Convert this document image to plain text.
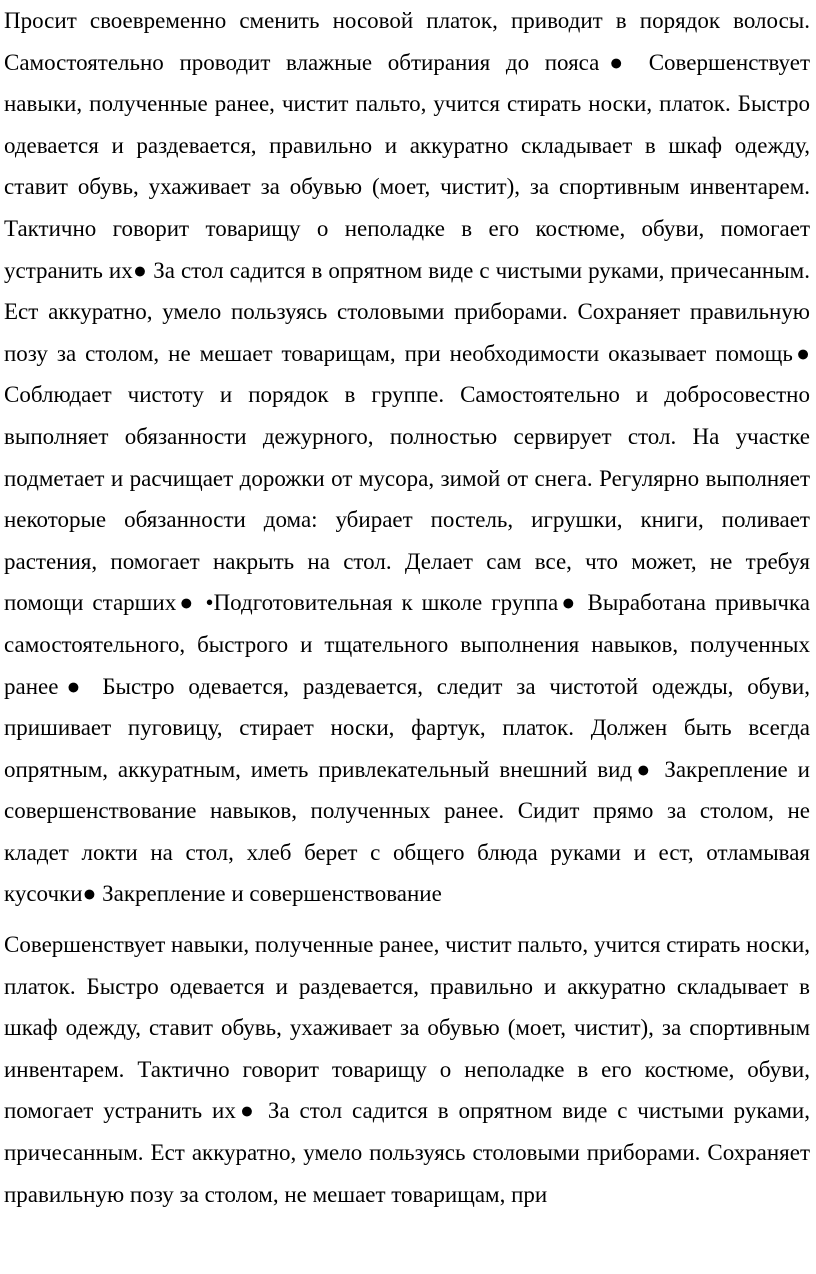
Просит своевременно сменить носовой платок, приводит в порядок волосы. Самостоятельно проводит влажные обтирания до пояса● Совершенствует навыки, полученные ранее, чистит пальто, учится стирать носки, платок. Быстро одевается и раздевается, правильно и аккуратно складывает в шкаф одежду, ставит обувь, ухаживает за обувью (моет, чистит), за спортивным инвентарем. Тактично говорит товарищу о неполадке в его костюме, обуви, помогает устранить их● За стол садится в опрятном виде с чистыми руками, причесанным. Ест аккуратно, умело пользуясь столовыми приборами. Сохраняет правильную позу за столом, не мешает товарищам, при необходимости оказывает помощь● Соблюдает чистоту и порядок в группе. Самостоятельно и добросовестно выполняет обязанности дежурного, полностью сервирует стол. На участке подметает и расчищает дорожки от мусора, зимой от снега. Регулярно выполняет некоторые обязанности дома: убирает постель, игрушки, книги, поливает растения, помогает накрыть на стол. Делает сам все, что может, не требуя помощи старших● •Подготовительная к школе группа● Выработана привычка самостоятельного, быстрого и тщательного выполнения навыков, полученных ранее● Быстро одевается, раздевается, следит за чистотой одежды, обуви, пришивает пуговицу, стирает носки, фартук, платок. Должен быть всегда опрятным, аккуратным, иметь привлекательный внешний вид● Закрепление и совершенствование навыков, полученных ранее. Сидит прямо за столом, не кладет локти на стол, хлеб берет с общего блюда руками и ест, отламывая кусочки● Закрепление и совершенствование

Совершенствует навыки, полученные ранее, чистит пальто, учится стирать носки, платок. Быстро одевается и раздевается, правильно и аккуратно складывает в шкаф одежду, ставит обувь, ухаживает за обувью (моет, чистит), за спортивным инвентарем. Тактично говорит товарищу о неполадке в его костюме, обуви, помогает устранить их● За стол садится в опрятном виде с чистыми руками, причесанным. Ест аккуратно, умело пользуясь столовыми приборами. Сохраняет правильную позу за столом, не мешает товарищам, при
